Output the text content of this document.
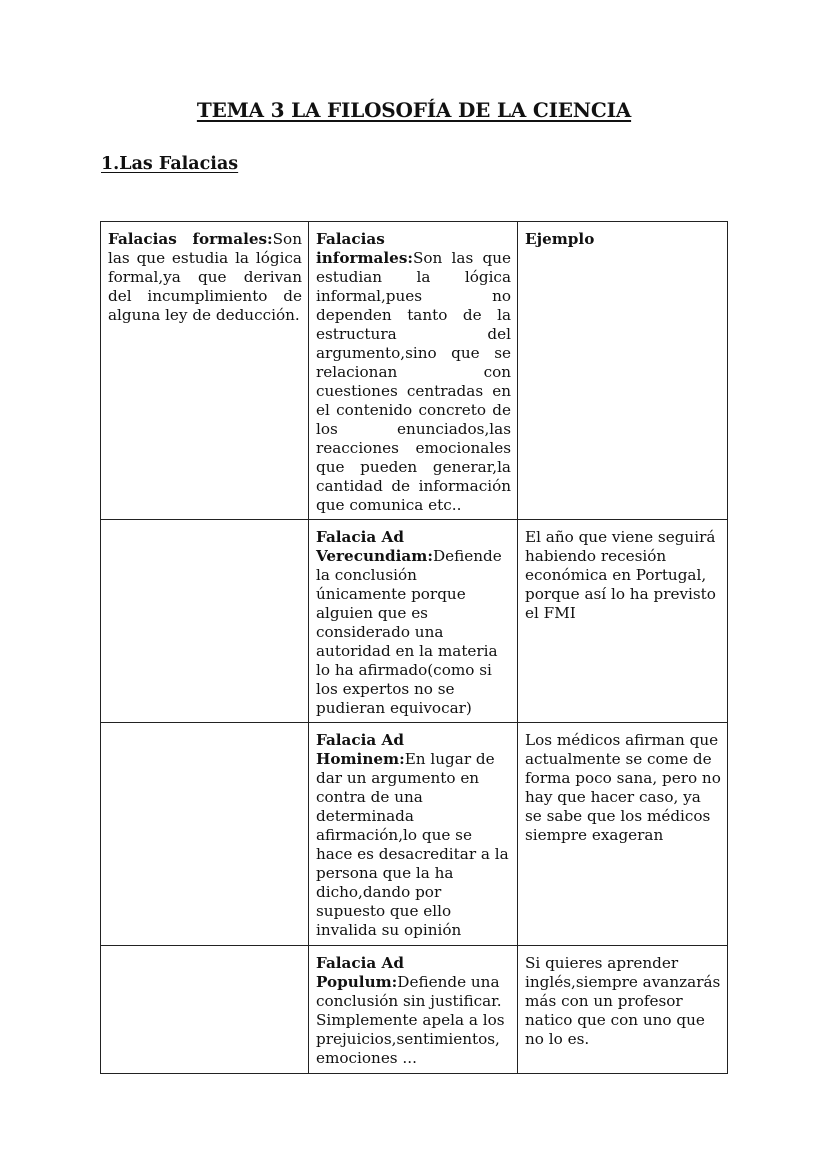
TEMA 3 LA FILOSOFÍA DE LA CIENCIA
1.Las Falacias
Falacias formales:Son las que estudia la lógica formal,ya que derivan del incumplimiento de alguna ley de deducción.	Falacias informales:Son las que estudian la lógica informal,pues no dependen tanto de la estructura del argumento,sino que se relacionan con cuestiones centradas en el contenido concreto de los enunciados,las reacciones emocionales que pueden generar,la cantidad de información que comunica etc..	Ejemplo
	Falacia Ad Verecundiam:Defiende la conclusión únicamente porque alguien que es considerado una autoridad en la materia lo ha afirmado(como si los expertos no se pudieran equivocar)	El año que viene seguirá habiendo recesión económica en Portugal, porque así lo ha previsto el FMI
	Falacia Ad Hominem:En lugar de dar un argumento en contra de una determinada afirmación,lo que se hace es desacreditar a la persona que la ha dicho,dando por supuesto que ello invalida su opinión	Los médicos afirman que actualmente se come de forma poco sana, pero no hay que hacer caso, ya se sabe que los médicos siempre exageran
	Falacia Ad Populum:Defiende una conclusión sin justificar. Simplemente apela a los prejuicios,sentimientos, emociones ...	Si quieres aprender inglés,siempre avanzarás más con un profesor natico que con uno que no lo es.
